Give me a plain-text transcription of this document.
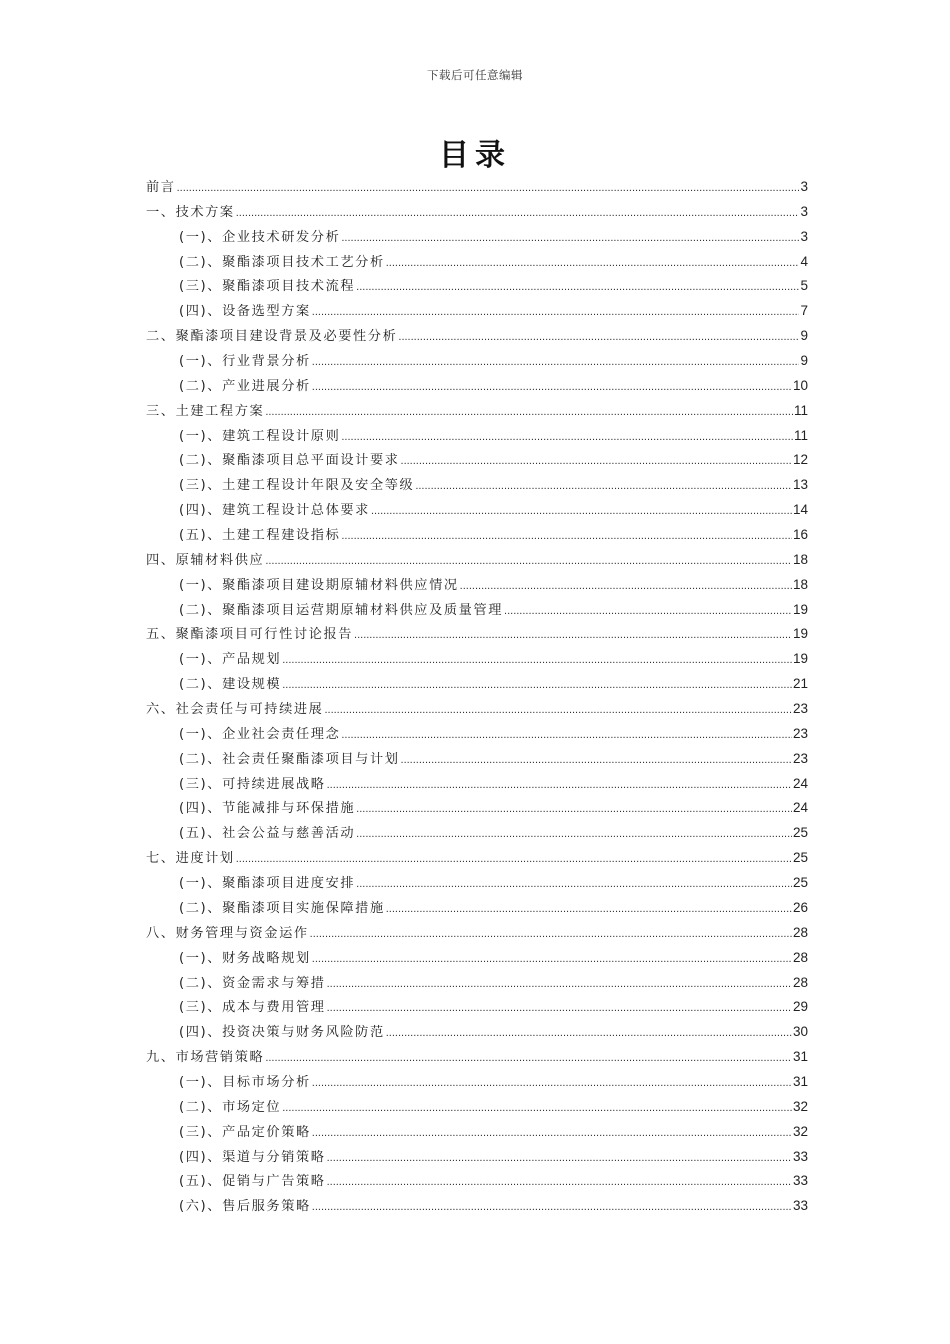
下载后可任意编辑
目录
前言 .....	3
一、技术方案 .....	3
(一)、企业技术研发分析 .....	3
(二)、聚酯漆项目技术工艺分析 .....	4
(三)、聚酯漆项目技术流程 .....	5
(四)、设备选型方案 .....	7
二、聚酯漆项目建设背景及必要性分析 .....	9
(一)、行业背景分析 .....	9
(二)、产业进展分析 .....	10
三、土建工程方案 .....	11
(一)、建筑工程设计原则 .....	11
(二)、聚酯漆项目总平面设计要求 .....	12
(三)、土建工程设计年限及安全等级 .....	13
(四)、建筑工程设计总体要求 .....	14
(五)、土建工程建设指标 .....	16
四、原辅材料供应 .....	18
(一)、聚酯漆项目建设期原辅材料供应情况 .....	18
(二)、聚酯漆项目运营期原辅材料供应及质量管理 .....	19
五、聚酯漆项目可行性讨论报告 .....	19
(一)、产品规划 .....	19
(二)、建设规模 .....	21
六、社会责任与可持续进展 .....	23
(一)、企业社会责任理念 .....	23
(二)、社会责任聚酯漆项目与计划 .....	23
(三)、可持续进展战略 .....	24
(四)、节能减排与环保措施 .....	24
(五)、社会公益与慈善活动 .....	25
七、进度计划 .....	25
(一)、聚酯漆项目进度安排 .....	25
(二)、聚酯漆项目实施保障措施 .....	26
八、财务管理与资金运作 .....	28
(一)、财务战略规划 .....	28
(二)、资金需求与筹措 .....	28
(三)、成本与费用管理 .....	29
(四)、投资决策与财务风险防范 .....	30
九、市场营销策略 .....	31
(一)、目标市场分析 .....	31
(二)、市场定位 .....	32
(三)、产品定价策略 .....	32
(四)、渠道与分销策略 .....	33
(五)、促销与广告策略 .....	33
(六)、售后服务策略 .....	33
